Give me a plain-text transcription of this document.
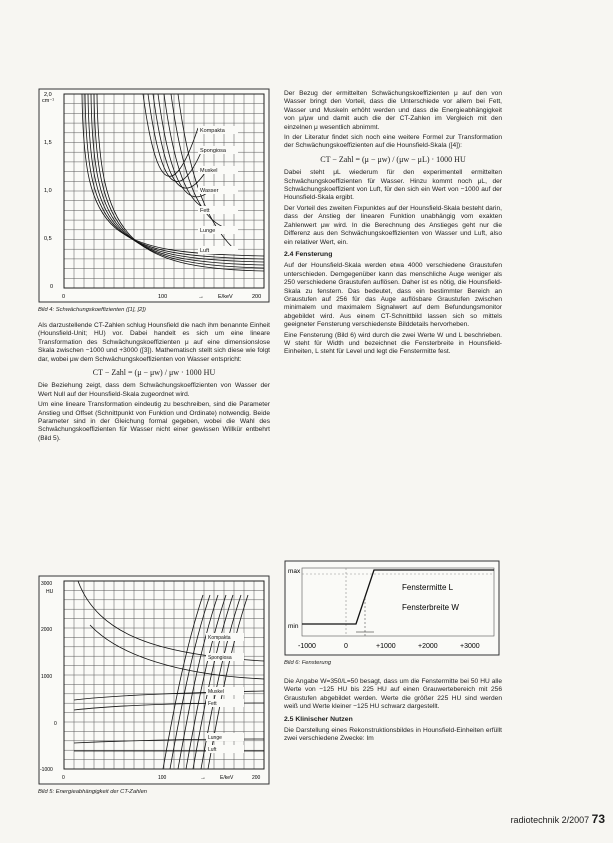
cm⁻¹
2,0
1,5
1,0
0,5
0
0	100	200
E/keV
→
Kompakta
Spongiosa
Muskel
Wasser
Fett
Lunge
Luft
Bild 4: Schwächungskoeffizienten ([1], [2])

Als darzustellende CT-Zahlen schlug Hounsfield die nach ihm benannte Einheit (Hounsfield-Unit; HU) vor. Dabei handelt es sich um eine lineare Transformation des Schwächungskoeffizienten μ auf eine dimensionslose Skala zwischen −1000 und +3000 ([3]). Mathematisch stellt sich diese wie folgt dar, wobei μw dem Schwächungskoeffizienten von Wasser entspricht:

CT − Zahl = (μ − μw) / μw · 1000 HU

Die Beziehung zeigt, dass dem Schwächungskoeffizienten von Wasser der Wert Null auf der Hounsfield-Skala zugeordnet wird.

Um eine lineare Transformation eindeutig zu beschreiben, sind die Parameter Anstieg und Offset (Schnittpunkt von Funktion und Ordinate) notwendig. Beide Parameter sind in der Gleichung formal gegeben, wobei die Wahl des Schwächungskoeffizienten für Wasser nicht einer gewissen Willkür entbehrt (Bild 5).

3000
HU
2000
1000
0
-1000
0	100	200
E/keV
→
Kompakta
Spongiosa
Muskel
Fett
Lunge
Luft
Bild 5: Energieabhängigkeit der CT-Zahlen

Der Bezug der ermittelten Schwächungskoeffizienten μ auf den von Wasser bringt den Vorteil, dass die Unterschiede vor allem bei Fett, Wasser und Muskeln erhöht werden und dass die Energieabhängigkeit von μ/μw und damit auch die der CT-Zahlen im Vergleich mit den einzelnen μ wesentlich abnimmt.

In der Literatur findet sich noch eine weitere Formel zur Transformation der Schwächungskoeffizienten auf die Hounsfield-Skala ([4]):

CT − Zahl = (μ − μw) / (μw − μL) · 1000 HU

Dabei steht μL wiederum für den experimentell ermittelten Schwächungskoeffizienten für Wasser. Hinzu kommt noch μL, der Schwächungskoeffizient von Luft, für den sich ein Wert von −1000 auf der Hounsfield-Skala ergibt.

Der Vorteil des zweiten Fixpunktes auf der Hounsfield-Skala besteht darin, dass der Anstieg der linearen Funktion unabhängig vom exakten Zahlenwert μw wird. In die Berechnung des Anstieges geht nur die Differenz aus den Schwächungskoeffizienten von Wasser und Luft, also ein relativer Wert, ein.

2.4 Fensterung

Auf der Hounsfield-Skala werden etwa 4000 verschiedene Graustufen unterschieden. Demgegenüber kann das menschliche Auge weniger als 250 verschiedene Graustufen auflösen. Daher ist es nötig, die Hounsfield-Skala zu fenstern. Das bedeutet, dass ein bestimmter Bereich an Graustufen auf 256 für das Auge auflösbare Graustufen zwischen minimalem und maximalem Signalwert auf dem Befundungsmonitor abgebildet wird. Aus einem CT-Schnittbild lassen sich so mittels geeigneter Fensterung verschiedenste Bilddetails hervorheben.

Eine Fensterung (Bild 6) wird durch die zwei Werte W und L beschrieben. W steht für Width und bezeichnet die Fensterbreite in Hounsfield-Einheiten, L steht für Level und legt die Fenstermitte fest.

max
min
Fenstermitte L
Fensterbreite W
-1000	0	+1000	+2000	+3000
Bild 6: Fensterung

Die Angabe W=350/L=50 besagt, dass um die Fenstermitte bei 50 HU alle Werte von −125 HU bis 225 HU auf einen Grauwertebereich mit 256 Graustufen abgebildet werden. Werte die größer 225 HU sind werden weiß und Werte kleiner −125 HU schwarz dargestellt.

2.5 Klinischer Nutzen

Die Darstellung eines Rekonstruktionsbildes in Hounsfield-Einheiten erfüllt zwei verschiedene Zwecke: Im

radiotechnik 2/2007 73
